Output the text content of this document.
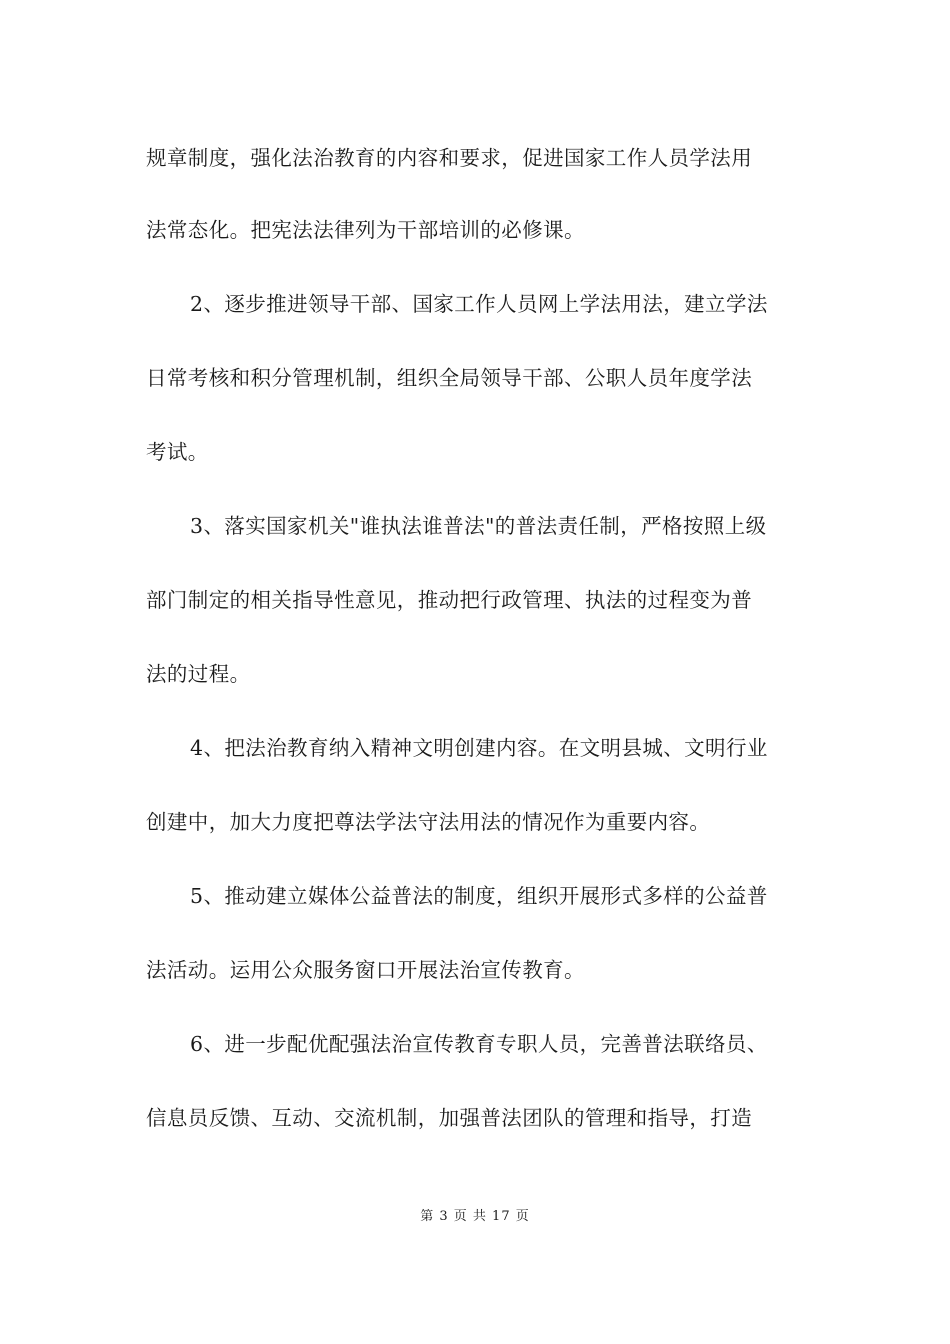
规章制度，强化法治教育的内容和要求，促进国家工作人员学法用
法常态化。把宪法法律列为干部培训的必修课。
2、逐步推进领导干部、国家工作人员网上学法用法，建立学法
日常考核和积分管理机制，组织全局领导干部、公职人员年度学法
考试。
3、落实国家机关"谁执法谁普法"的普法责任制，严格按照上级
部门制定的相关指导性意见，推动把行政管理、执法的过程变为普
法的过程。
4、把法治教育纳入精神文明创建内容。在文明县城、文明行业
创建中，加大力度把尊法学法守法用法的情况作为重要内容。
5、推动建立媒体公益普法的制度，组织开展形式多样的公益普
法活动。运用公众服务窗口开展法治宣传教育。
6、进一步配优配强法治宣传教育专职人员，完善普法联络员、
信息员反馈、互动、交流机制，加强普法团队的管理和指导，打造
第 3 页 共 17 页
